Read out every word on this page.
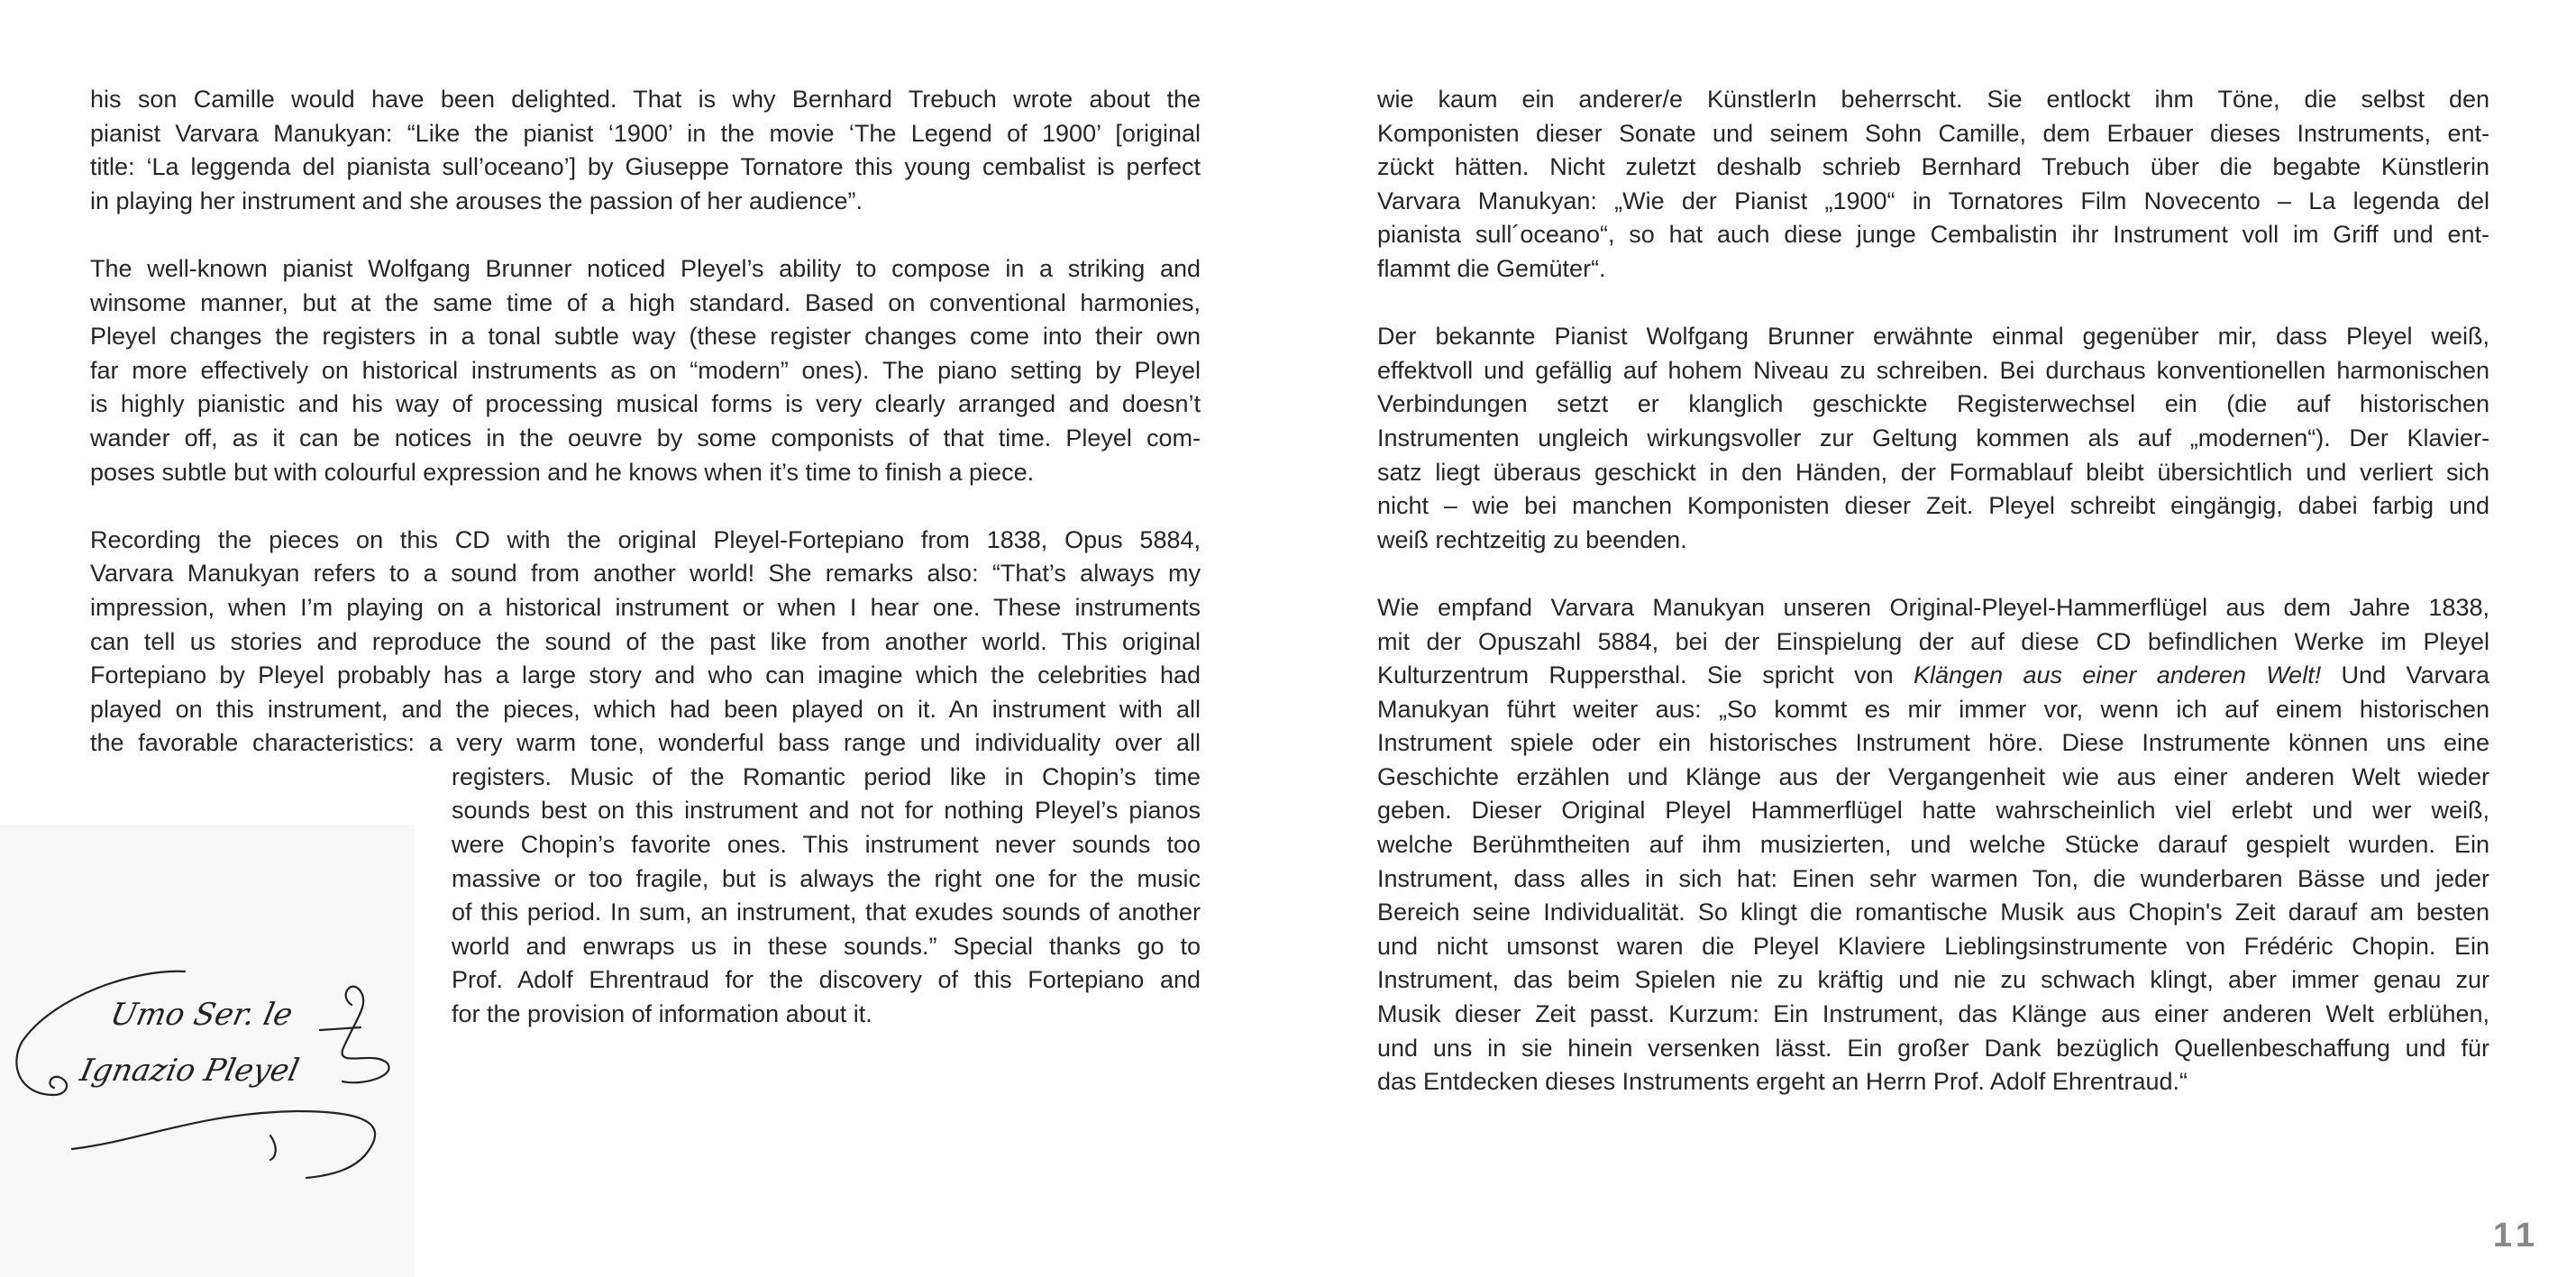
his son Camille would have been delighted. That is why Bernhard Trebuch wrote about the
pianist Varvara Manukyan: “Like the pianist ‘1900’ in the movie ‘The Legend of 1900’ [original
title: ‘La leggenda del pianista sull’oceano’] by Giuseppe Tornatore this young cembalist is perfect
in playing her instrument and she arouses the passion of her audience”.
The well-known pianist Wolfgang Brunner noticed Pleyel’s ability to compose in a striking and
winsome manner, but at the same time of a high standard. Based on conventional harmonies,
Pleyel changes the registers in a tonal subtle way (these register changes come into their own
far more effectively on historical instruments as on “modern” ones). The piano setting by Pleyel
is highly pianistic and his way of processing musical forms is very clearly arranged and doesn’t
wander off, as it can be notices in the oeuvre by some componists of that time. Pleyel com-
poses subtle but with colourful expression and he knows when it’s time to finish a piece.
Recording the pieces on this CD with the original Pleyel-Fortepiano from 1838, Opus 5884,
Varvara Manukyan refers to a sound from another world! She remarks also: “That’s always my
impression, when I’m playing on a historical instrument or when I hear one. These instruments
can tell us stories and reproduce the sound of the past like from another world. This original
Fortepiano by Pleyel probably has a large story and who can imagine which the celebrities had
played on this instrument, and the pieces, which had been played on it. An instrument with all
the favorable characteristics: a very warm tone, wonderful bass range und individuality over all
registers. Music of the Romantic period like in Chopin’s time
sounds best on this instrument and not for nothing Pleyel’s pianos
were Chopin’s favorite ones. This instrument never sounds too
massive or too fragile, but is always the right one for the music
of this period. In sum, an instrument, that exudes sounds of another
world and enwraps us in these sounds.” Special thanks go to
Prof. Adolf Ehrentraud for the discovery of this Fortepiano and
for the provision of information about it.
wie kaum ein anderer/e KünstlerIn beherrscht. Sie entlockt ihm Töne, die selbst den
Komponisten dieser Sonate und seinem Sohn Camille, dem Erbauer dieses Instruments, ent-
zückt hätten. Nicht zuletzt deshalb schrieb Bernhard Trebuch über die begabte Künstlerin
Varvara Manukyan: „Wie der Pianist „1900“ in Tornatores Film Novecento – La legenda del
pianista sull´oceano“, so hat auch diese junge Cembalistin ihr Instrument voll im Griff und ent-
flammt die Gemüter“.
Der bekannte Pianist Wolfgang Brunner erwähnte einmal gegenüber mir, dass Pleyel weiß,
effektvoll und gefällig auf hohem Niveau zu schreiben. Bei durchaus konventionellen harmonischen
Verbindungen setzt er klanglich geschickte Registerwechsel ein (die auf historischen
Instrumenten ungleich wirkungsvoller zur Geltung kommen als auf „modernen“). Der Klavier-
satz liegt überaus geschickt in den Händen, der Formablauf bleibt übersichtlich und verliert sich
nicht – wie bei manchen Komponisten dieser Zeit. Pleyel schreibt eingängig, dabei farbig und
weiß rechtzeitig zu beenden.
Wie empfand Varvara Manukyan unseren Original-Pleyel-Hammerflügel aus dem Jahre 1838,
mit der Opuszahl 5884, bei der Einspielung der auf diese CD befindlichen Werke im Pleyel
Kulturzentrum Ruppersthal. Sie spricht von Klängen aus einer anderen Welt! Und Varvara
Manukyan führt weiter aus: „So kommt es mir immer vor, wenn ich auf einem historischen
Instrument spiele oder ein historisches Instrument höre. Diese Instrumente können uns eine
Geschichte erzählen und Klänge aus der Vergangenheit wie aus einer anderen Welt wieder
geben. Dieser Original Pleyel Hammerflügel hatte wahrscheinlich viel erlebt und wer weiß,
welche Berühmtheiten auf ihm musizierten, und welche Stücke darauf gespielt wurden. Ein
Instrument, dass alles in sich hat: Einen sehr warmen Ton, die wunderbaren Bässe und jeder
Bereich seine Individualität. So klingt die romantische Musik aus Chopin's Zeit darauf am besten
und nicht umsonst waren die Pleyel Klaviere Lieblingsinstrumente von Frédéric Chopin. Ein
Instrument, das beim Spielen nie zu kräftig und nie zu schwach klingt, aber immer genau zur
Musik dieser Zeit passt. Kurzum: Ein Instrument, das Klänge aus einer anderen Welt erblühen,
und uns in sie hinein versenken lässt. Ein großer Dank bezüglich Quellenbeschaffung und für
das Entdecken dieses Instruments ergeht an Herrn Prof. Adolf Ehrentraud.“
Umo Ser. le Ignazio Pleyel
11
